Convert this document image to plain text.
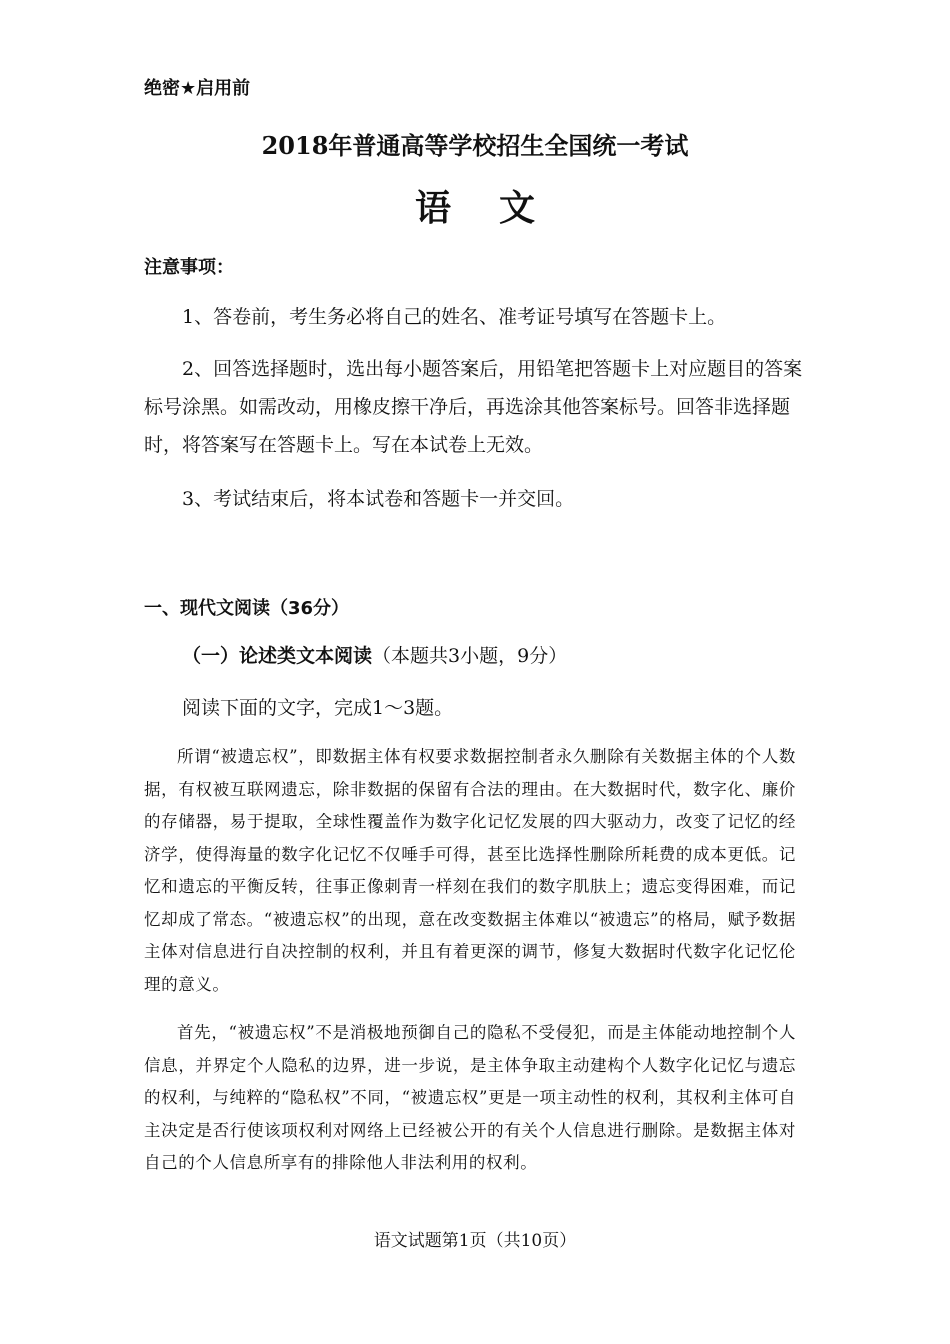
绝密★启用前
2018年普通高等学校招生全国统一考试
语文
注意事项：

1、答卷前，考生务必将自己的姓名、准考证号填写在答题卡上。

2、回答选择题时，选出每小题答案后，用铅笔把答题卡上对应题目的答案标号涂黑。如需改动，用橡皮擦干净后，再选涂其他答案标号。回答非选择题时，将答案写在答题卡上。写在本试卷上无效。

3、考试结束后，将本试卷和答题卡一并交回。

一、现代文阅读（36分）
（一）论述类文本阅读（本题共3小题，9分）
阅读下面的文字，完成1～3题。

所谓“被遗忘权”，即数据主体有权要求数据控制者永久删除有关数据主体的个人数据，有权被互联网遗忘，除非数据的保留有合法的理由。在大数据时代，数字化、廉价的存储器，易于提取，全球性覆盖作为数字化记忆发展的四大驱动力，改变了记忆的经济学，使得海量的数字化记忆不仅唾手可得，甚至比选择性删除所耗费的成本更低。记忆和遗忘的平衡反转，往事正像刺青一样刻在我们的数字肌肤上；遗忘变得困难，而记忆却成了常态。“被遗忘权”的出现，意在改变数据主体难以“被遗忘”的格局，赋予数据主体对信息进行自决控制的权利，并且有着更深的调节，修复大数据时代数字化记忆伦理的意义。

首先，“被遗忘权”不是消极地预御自己的隐私不受侵犯，而是主体能动地控制个人信息，并界定个人隐私的边界，进一步说，是主体争取主动建构个人数字化记忆与遗忘的权利，与纯粹的“隐私权”不同，“被遗忘权”更是一项主动性的权利，其权利主体可自主决定是否行使该项权利对网络上已经被公开的有关个人信息进行删除。是数据主体对自己的个人信息所享有的排除他人非法利用的权利。

语文试题第1页（共10页）
